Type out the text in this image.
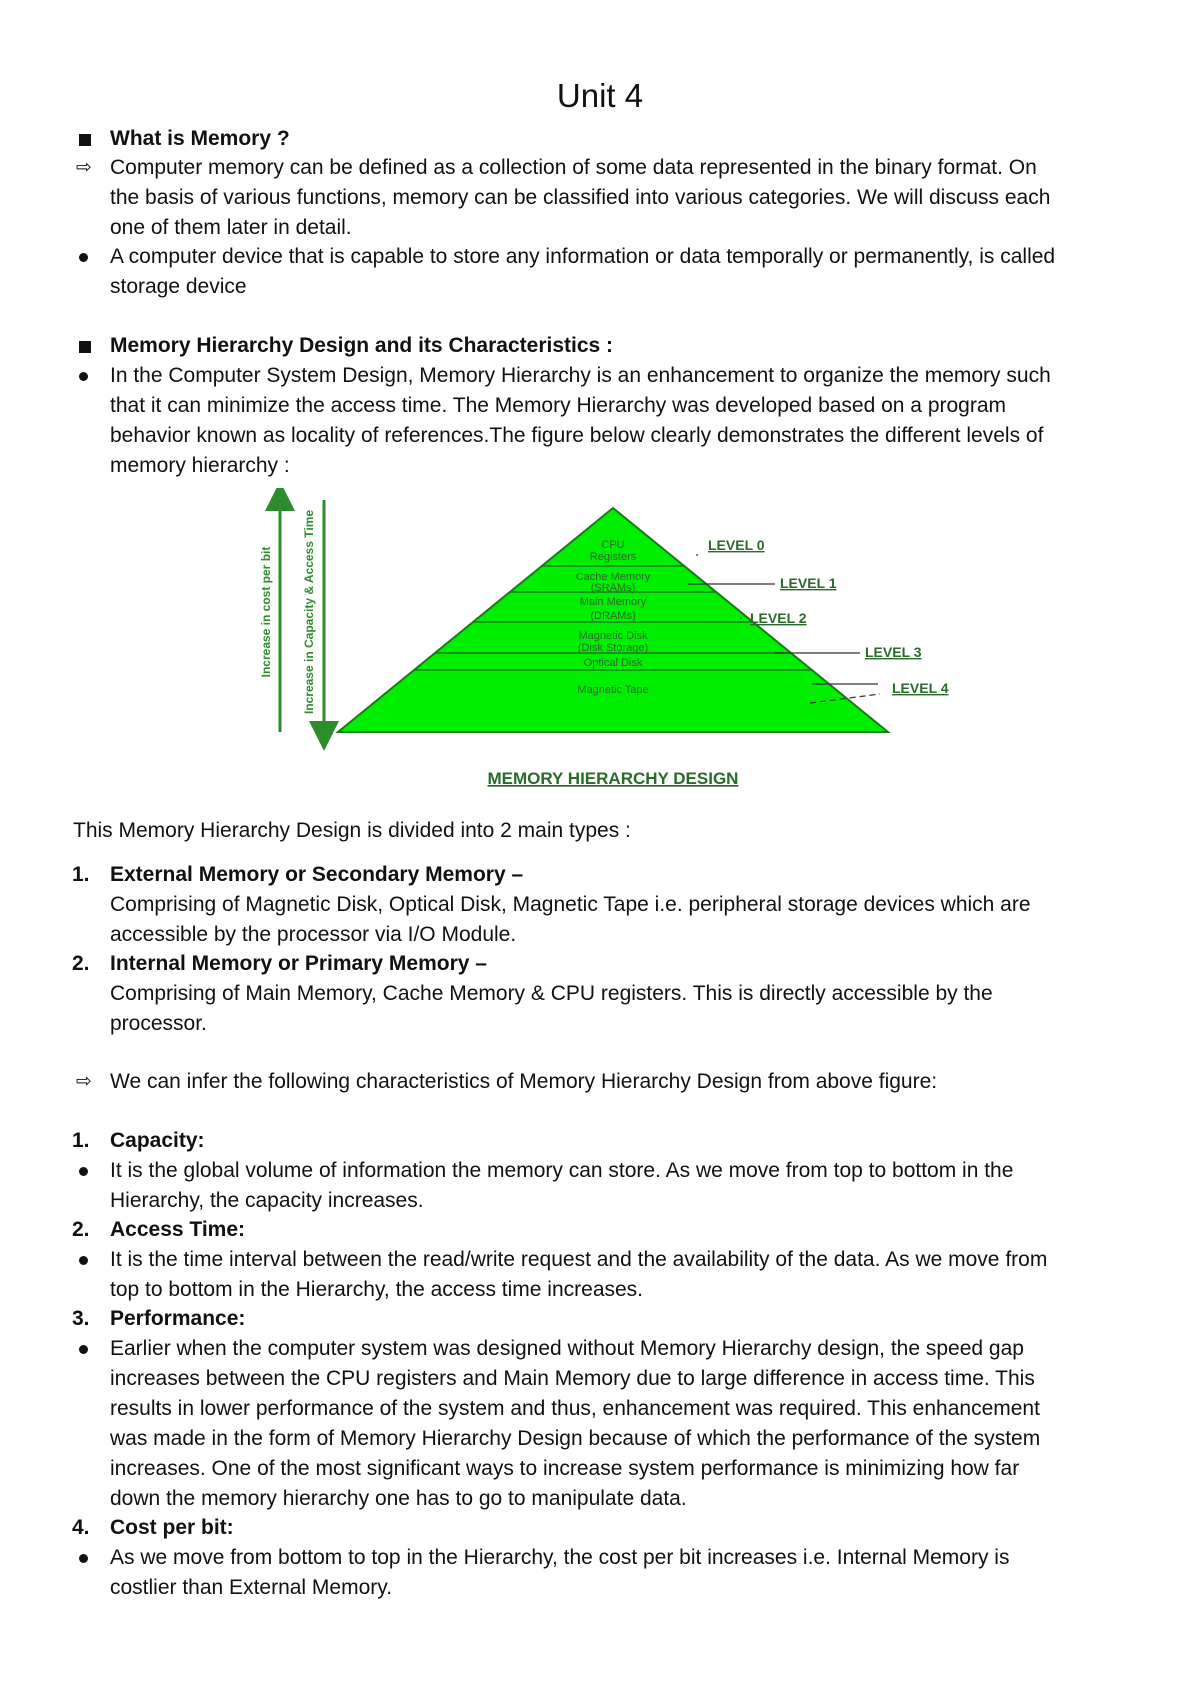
Unit 4
What is Memory ?
⇨ Computer memory can be defined as a collection of some data represented in the binary format. On
the basis of various functions, memory can be classified into various categories. We will discuss each
one of them later in detail.
A computer device that is capable to store any information or data temporally or permanently, is called
storage device
Memory Hierarchy Design and its Characteristics :
In the Computer System Design, Memory Hierarchy is an enhancement to organize the memory such
that it can minimize the access time. The Memory Hierarchy was developed based on a program
behavior known as locality of references.The figure below clearly demonstrates the different levels of
memory hierarchy :
Increase in cost per bit Increase in Capacity & Access Time	CPU
Registers
Cache Memory
(SRAMs)
Main Memory
(DRAMs)
Magnetic Disk
(Disk Storage)
Optical Disk
Magnetic Tape
LEVEL 0
LEVEL 1
LEVEL 2
LEVEL 3
LEVEL 4
MEMORY HIERARCHY DESIGN
This Memory Hierarchy Design is divided into 2 main types :
1. External Memory or Secondary Memory –
Comprising of Magnetic Disk, Optical Disk, Magnetic Tape i.e. peripheral storage devices which are
accessible by the processor via I/O Module.
2. Internal Memory or Primary Memory –
Comprising of Main Memory, Cache Memory & CPU registers. This is directly accessible by the
processor.
⇨ We can infer the following characteristics of Memory Hierarchy Design from above figure:
1. Capacity:
It is the global volume of information the memory can store. As we move from top to bottom in the
Hierarchy, the capacity increases.
2. Access Time:
It is the time interval between the read/write request and the availability of the data. As we move from
top to bottom in the Hierarchy, the access time increases.
3. Performance:
Earlier when the computer system was designed without Memory Hierarchy design, the speed gap
increases between the CPU registers and Main Memory due to large difference in access time. This
results in lower performance of the system and thus, enhancement was required. This enhancement
was made in the form of Memory Hierarchy Design because of which the performance of the system
increases. One of the most significant ways to increase system performance is minimizing how far
down the memory hierarchy one has to go to manipulate data.
4. Cost per bit:
As we move from bottom to top in the Hierarchy, the cost per bit increases i.e. Internal Memory is
costlier than External Memory.
